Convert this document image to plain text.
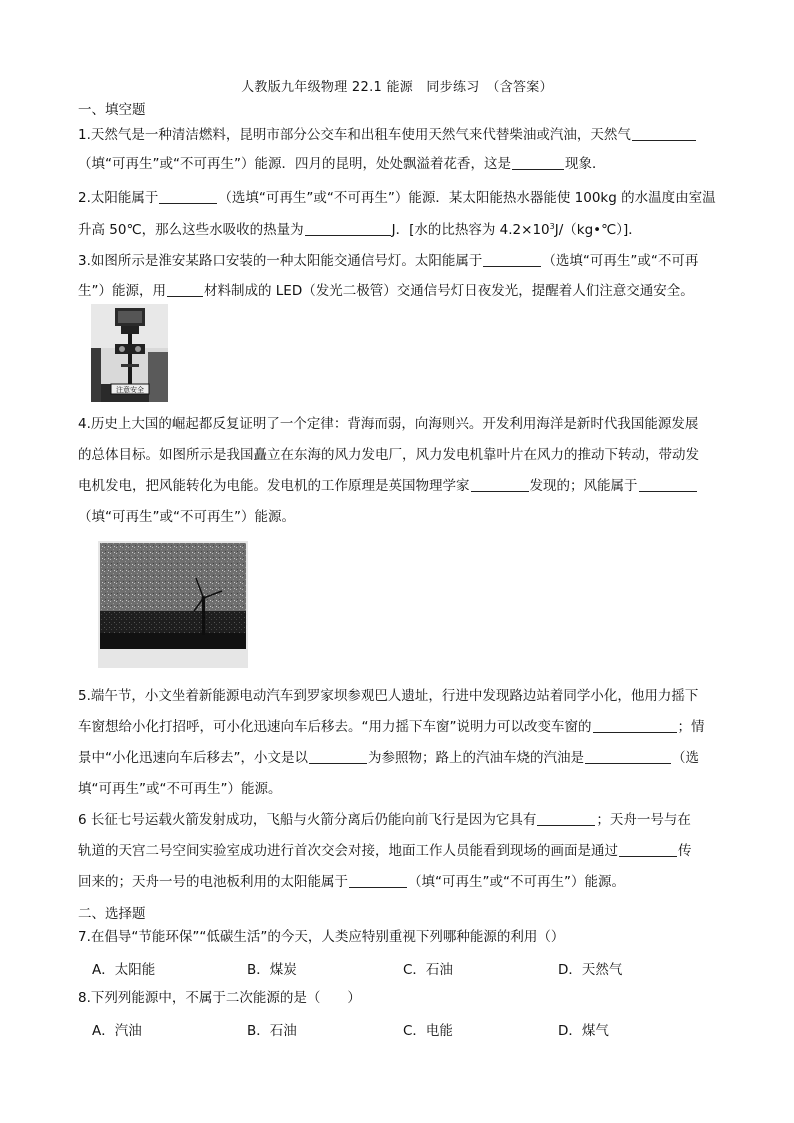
人教版九年级物理 22.1 能源　同步练习　（含答案）
一、填空题
1.天然气是一种清洁燃料，昆明市部分公交车和出租车使用天然气来代替柴油或汽油，天然气
（填“可再生”或“不可再生”）能源．四月的昆明，处处飘溢着花香，这是	现象．
2.太阳能属于	（选填“可再生”或“不可再生”）能源．某太阳能热水器能使 100kg 的水温度由室温
升高 50℃，那么这些水吸收的热量为	J．[水的比热容为 $4.2\times 10^3J/(kg•℃)$]．
3.如图所示是淮安某路口安装的一种太阳能交通信号灯。太阳能属于	（选填“可再生”或“不可再
生”）能源，用	材料制成的 LED（发光二极管）交通信号灯日夜发光，提醒着人们注意交通安全。
注意安全
4.历史上大国的崛起都反复证明了一个定律：背海而弱，向海则兴。开发利用海洋是新时代我国能源发展
的总体目标。如图所示是我国矗立在东海的风力发电厂，风力发电机靠叶片在风力的推动下转动，带动发
电机发电，把风能转化为电能。发电机的工作原理是英国物理学家	发现的；风能属于
（填“可再生”或“不可再生”）能源。
5.端午节，小文坐着新能源电动汽车到罗家坝参观巴人遗址，行进中发现路边站着同学小化，他用力摇下
车窗想给小化打招呼，可小化迅速向车后移去。“用力摇下车窗”说明力可以改变车窗的	；情
景中“小化迅速向车后移去”，小文是以	为参照物；路上的汽油车烧的汽油是	（选
填“可再生”或“不可再生”）能源。
6 长征七号运载火箭发射成功，飞船与火箭分离后仍能向前飞行是因为它具有	；天舟一号与在
轨道的天宫二号空间实验室成功进行首次交会对接，地面工作人员能看到现场的画面是通过	传
回来的；天舟一号的电池板利用的太阳能属于	（填“可再生”或“不可再生”）能源。
二、选择题
7.在倡导“节能环保”“低碳生活”的今天，人类应特别重视下列哪种能源的利用（）
A．太阳能	B．煤炭	C．石油	D．天然气
8.下列列能源中，不属于二次能源的是（　　）
A．汽油	B．石油	C．电能	D．煤气
